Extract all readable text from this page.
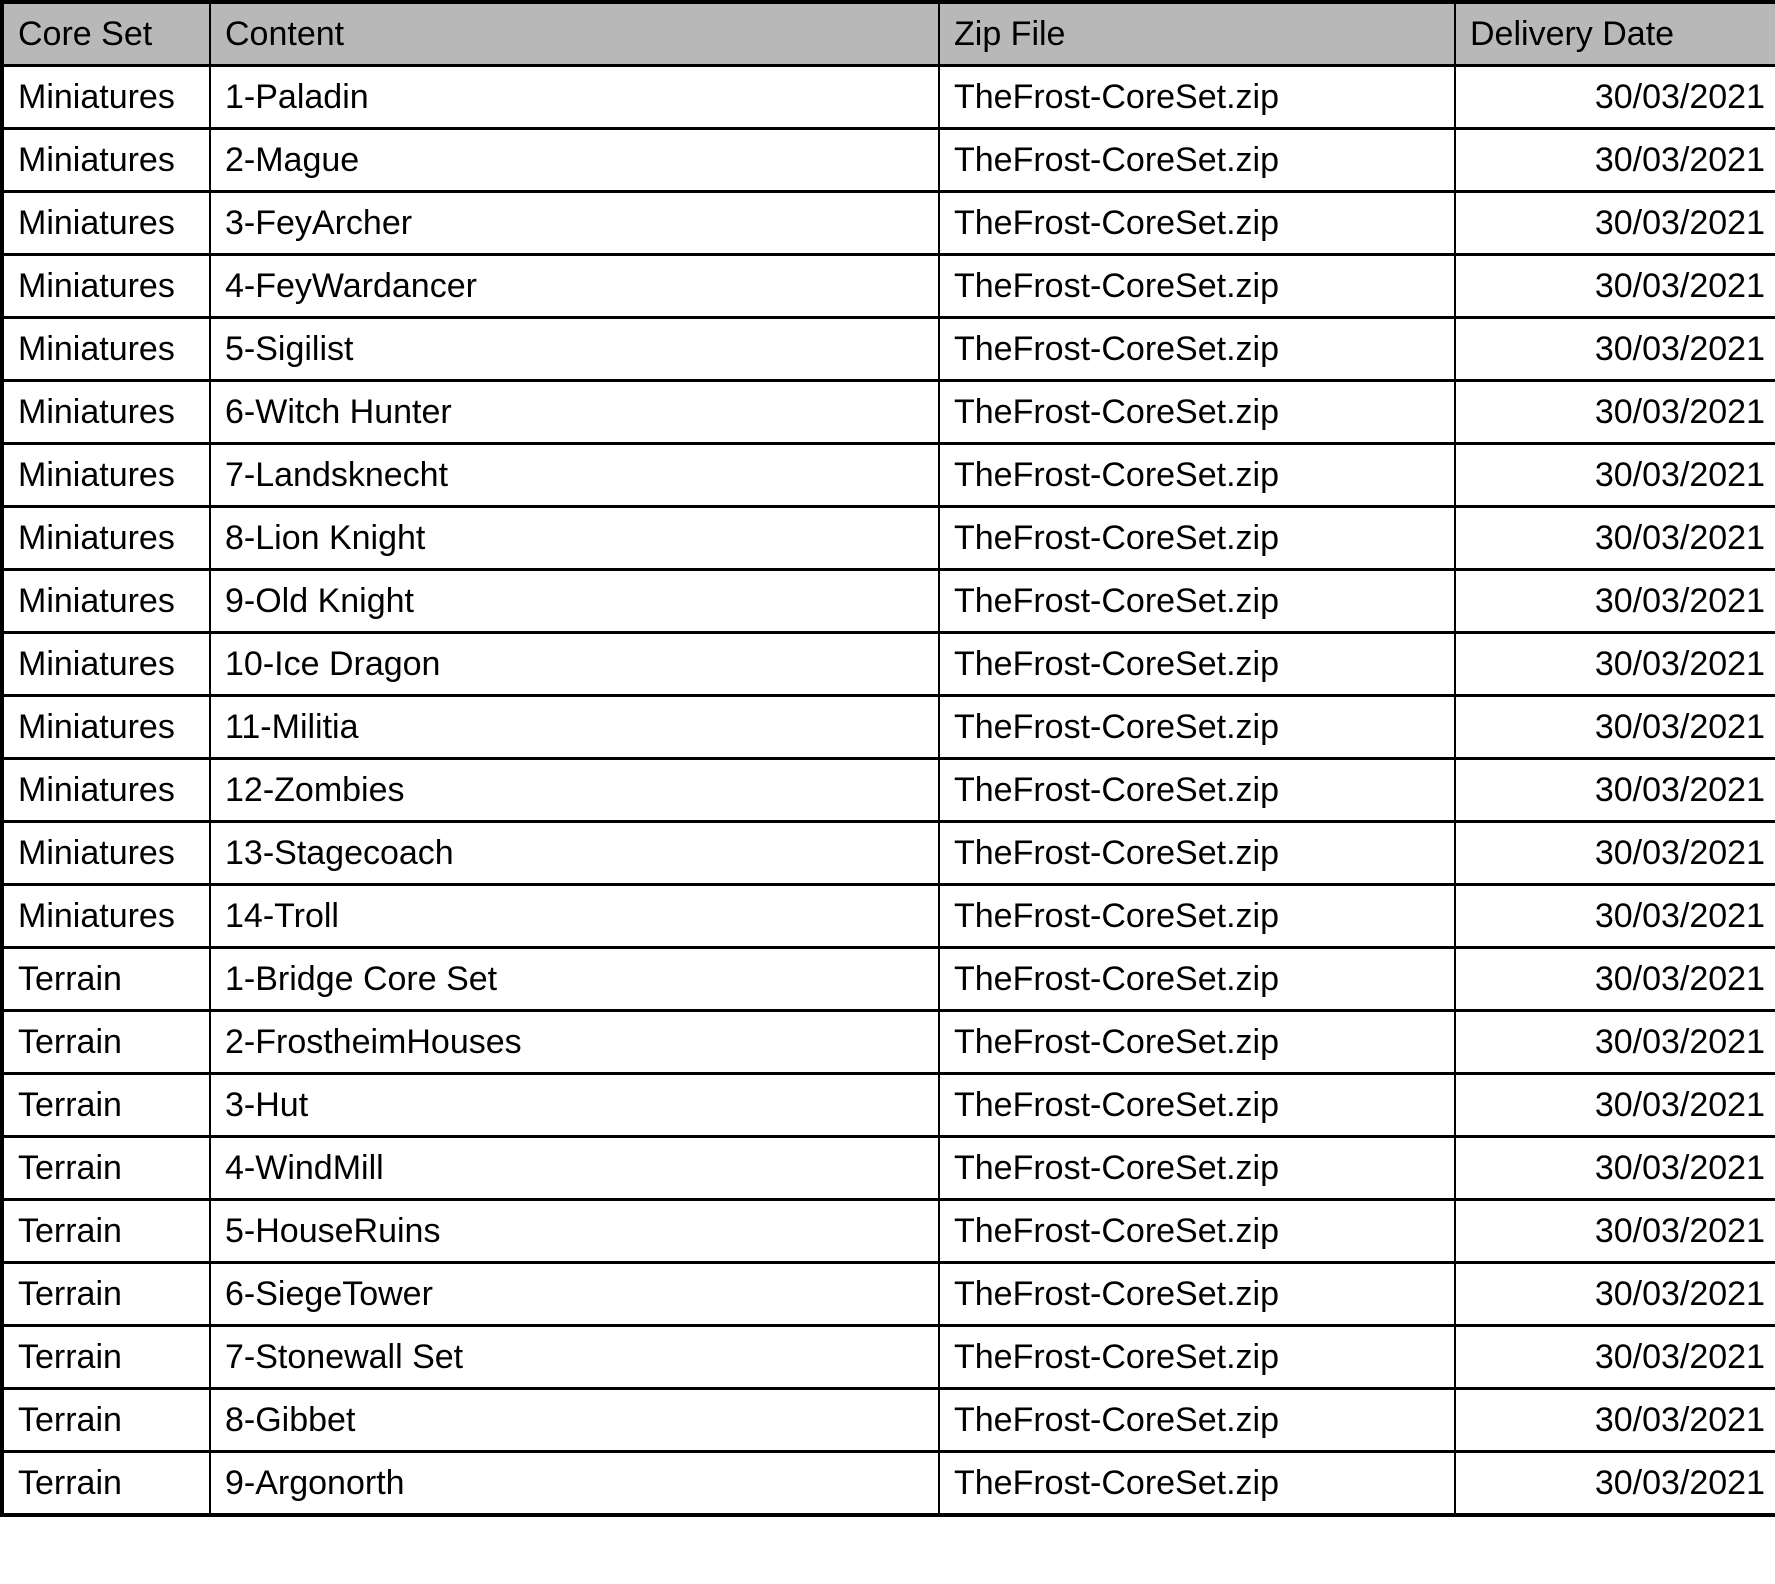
Core Set	Content	Zip File	Delivery Date
Miniatures	1-Paladin	TheFrost-CoreSet.zip	30/03/2021
Miniatures	2-Mague	TheFrost-CoreSet.zip	30/03/2021
Miniatures	3-FeyArcher	TheFrost-CoreSet.zip	30/03/2021
Miniatures	4-FeyWardancer	TheFrost-CoreSet.zip	30/03/2021
Miniatures	5-Sigilist	TheFrost-CoreSet.zip	30/03/2021
Miniatures	6-Witch Hunter	TheFrost-CoreSet.zip	30/03/2021
Miniatures	7-Landsknecht	TheFrost-CoreSet.zip	30/03/2021
Miniatures	8-Lion Knight	TheFrost-CoreSet.zip	30/03/2021
Miniatures	9-Old Knight	TheFrost-CoreSet.zip	30/03/2021
Miniatures	10-Ice Dragon	TheFrost-CoreSet.zip	30/03/2021
Miniatures	11-Militia	TheFrost-CoreSet.zip	30/03/2021
Miniatures	12-Zombies	TheFrost-CoreSet.zip	30/03/2021
Miniatures	13-Stagecoach	TheFrost-CoreSet.zip	30/03/2021
Miniatures	14-Troll	TheFrost-CoreSet.zip	30/03/2021
Terrain	1-Bridge Core Set	TheFrost-CoreSet.zip	30/03/2021
Terrain	2-FrostheimHouses	TheFrost-CoreSet.zip	30/03/2021
Terrain	3-Hut	TheFrost-CoreSet.zip	30/03/2021
Terrain	4-WindMill	TheFrost-CoreSet.zip	30/03/2021
Terrain	5-HouseRuins	TheFrost-CoreSet.zip	30/03/2021
Terrain	6-SiegeTower	TheFrost-CoreSet.zip	30/03/2021
Terrain	7-Stonewall Set	TheFrost-CoreSet.zip	30/03/2021
Terrain	8-Gibbet	TheFrost-CoreSet.zip	30/03/2021
Terrain	9-Argonorth	TheFrost-CoreSet.zip	30/03/2021
